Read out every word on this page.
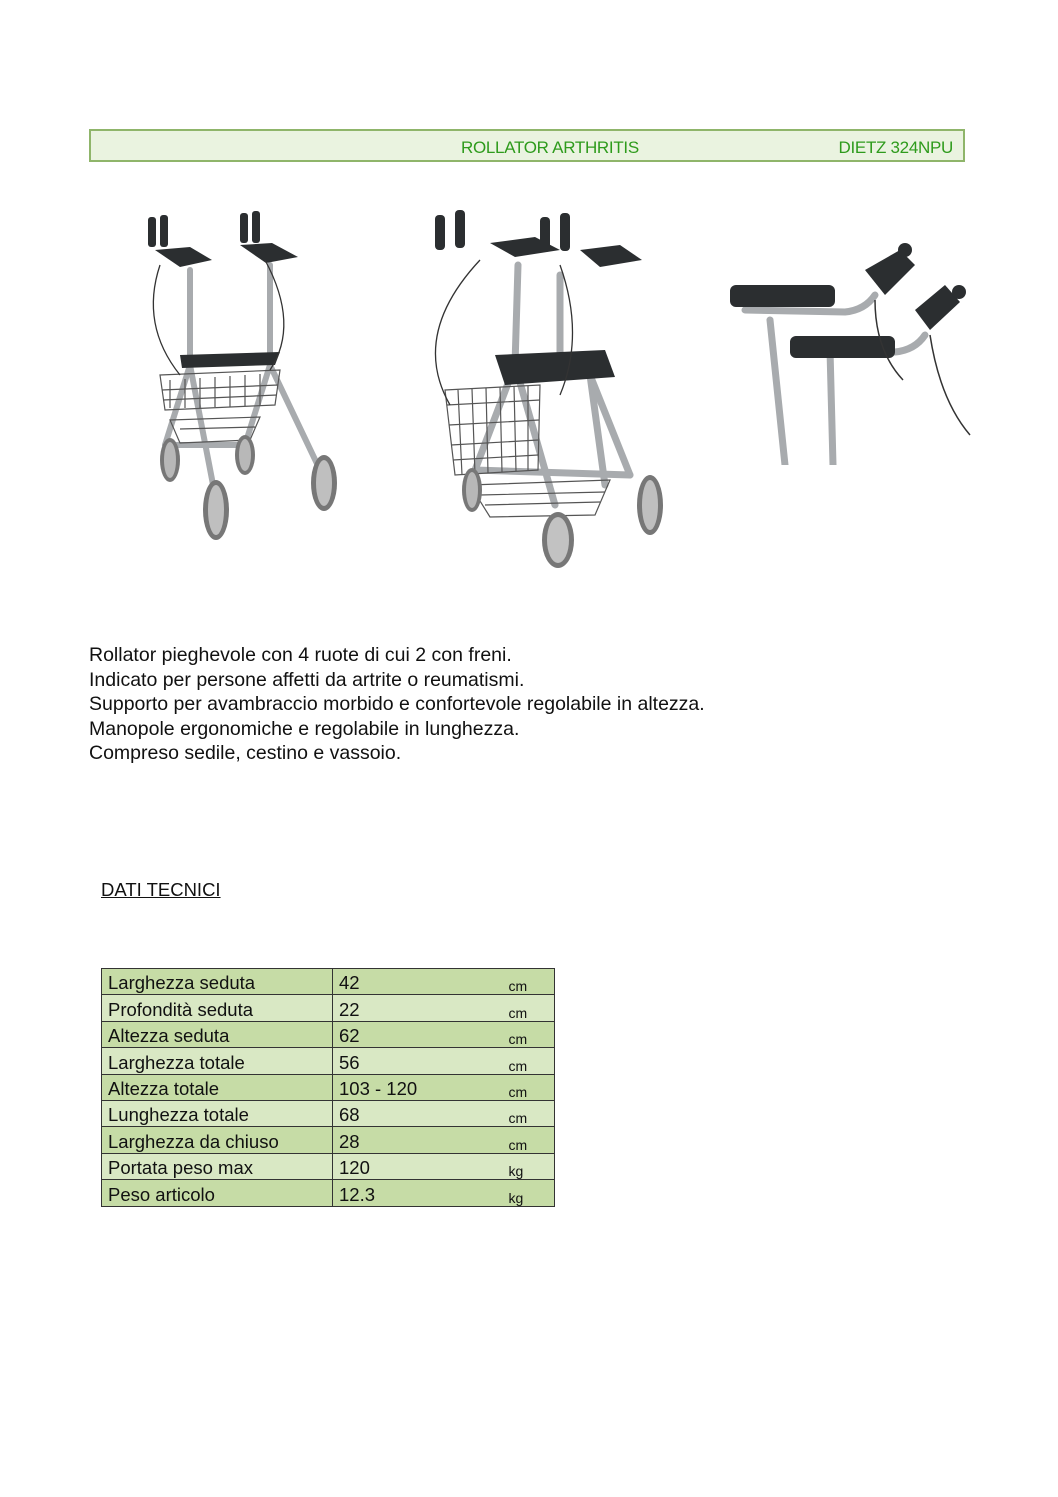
ROLLATOR ARTHRITIS	DIETZ 324NPU
Rollator pieghevole con 4 ruote di cui 2 con freni.
Indicato per persone affetti da artrite o reumatismi.
Supporto per avambraccio morbido e confortevole regolabile in altezza.
Manopole ergonomiche e regolabile in lunghezza.
Compreso sedile, cestino e vassoio.
DATI TECNICI
Larghezza seduta	42	cm
Profondità seduta	22	cm
Altezza seduta	62	cm
Larghezza totale	56	cm
Altezza totale	103 - 120	cm
Lunghezza totale	68	cm
Larghezza da chiuso	28	cm
Portata peso max	120	kg
Peso articolo	12.3	kg
